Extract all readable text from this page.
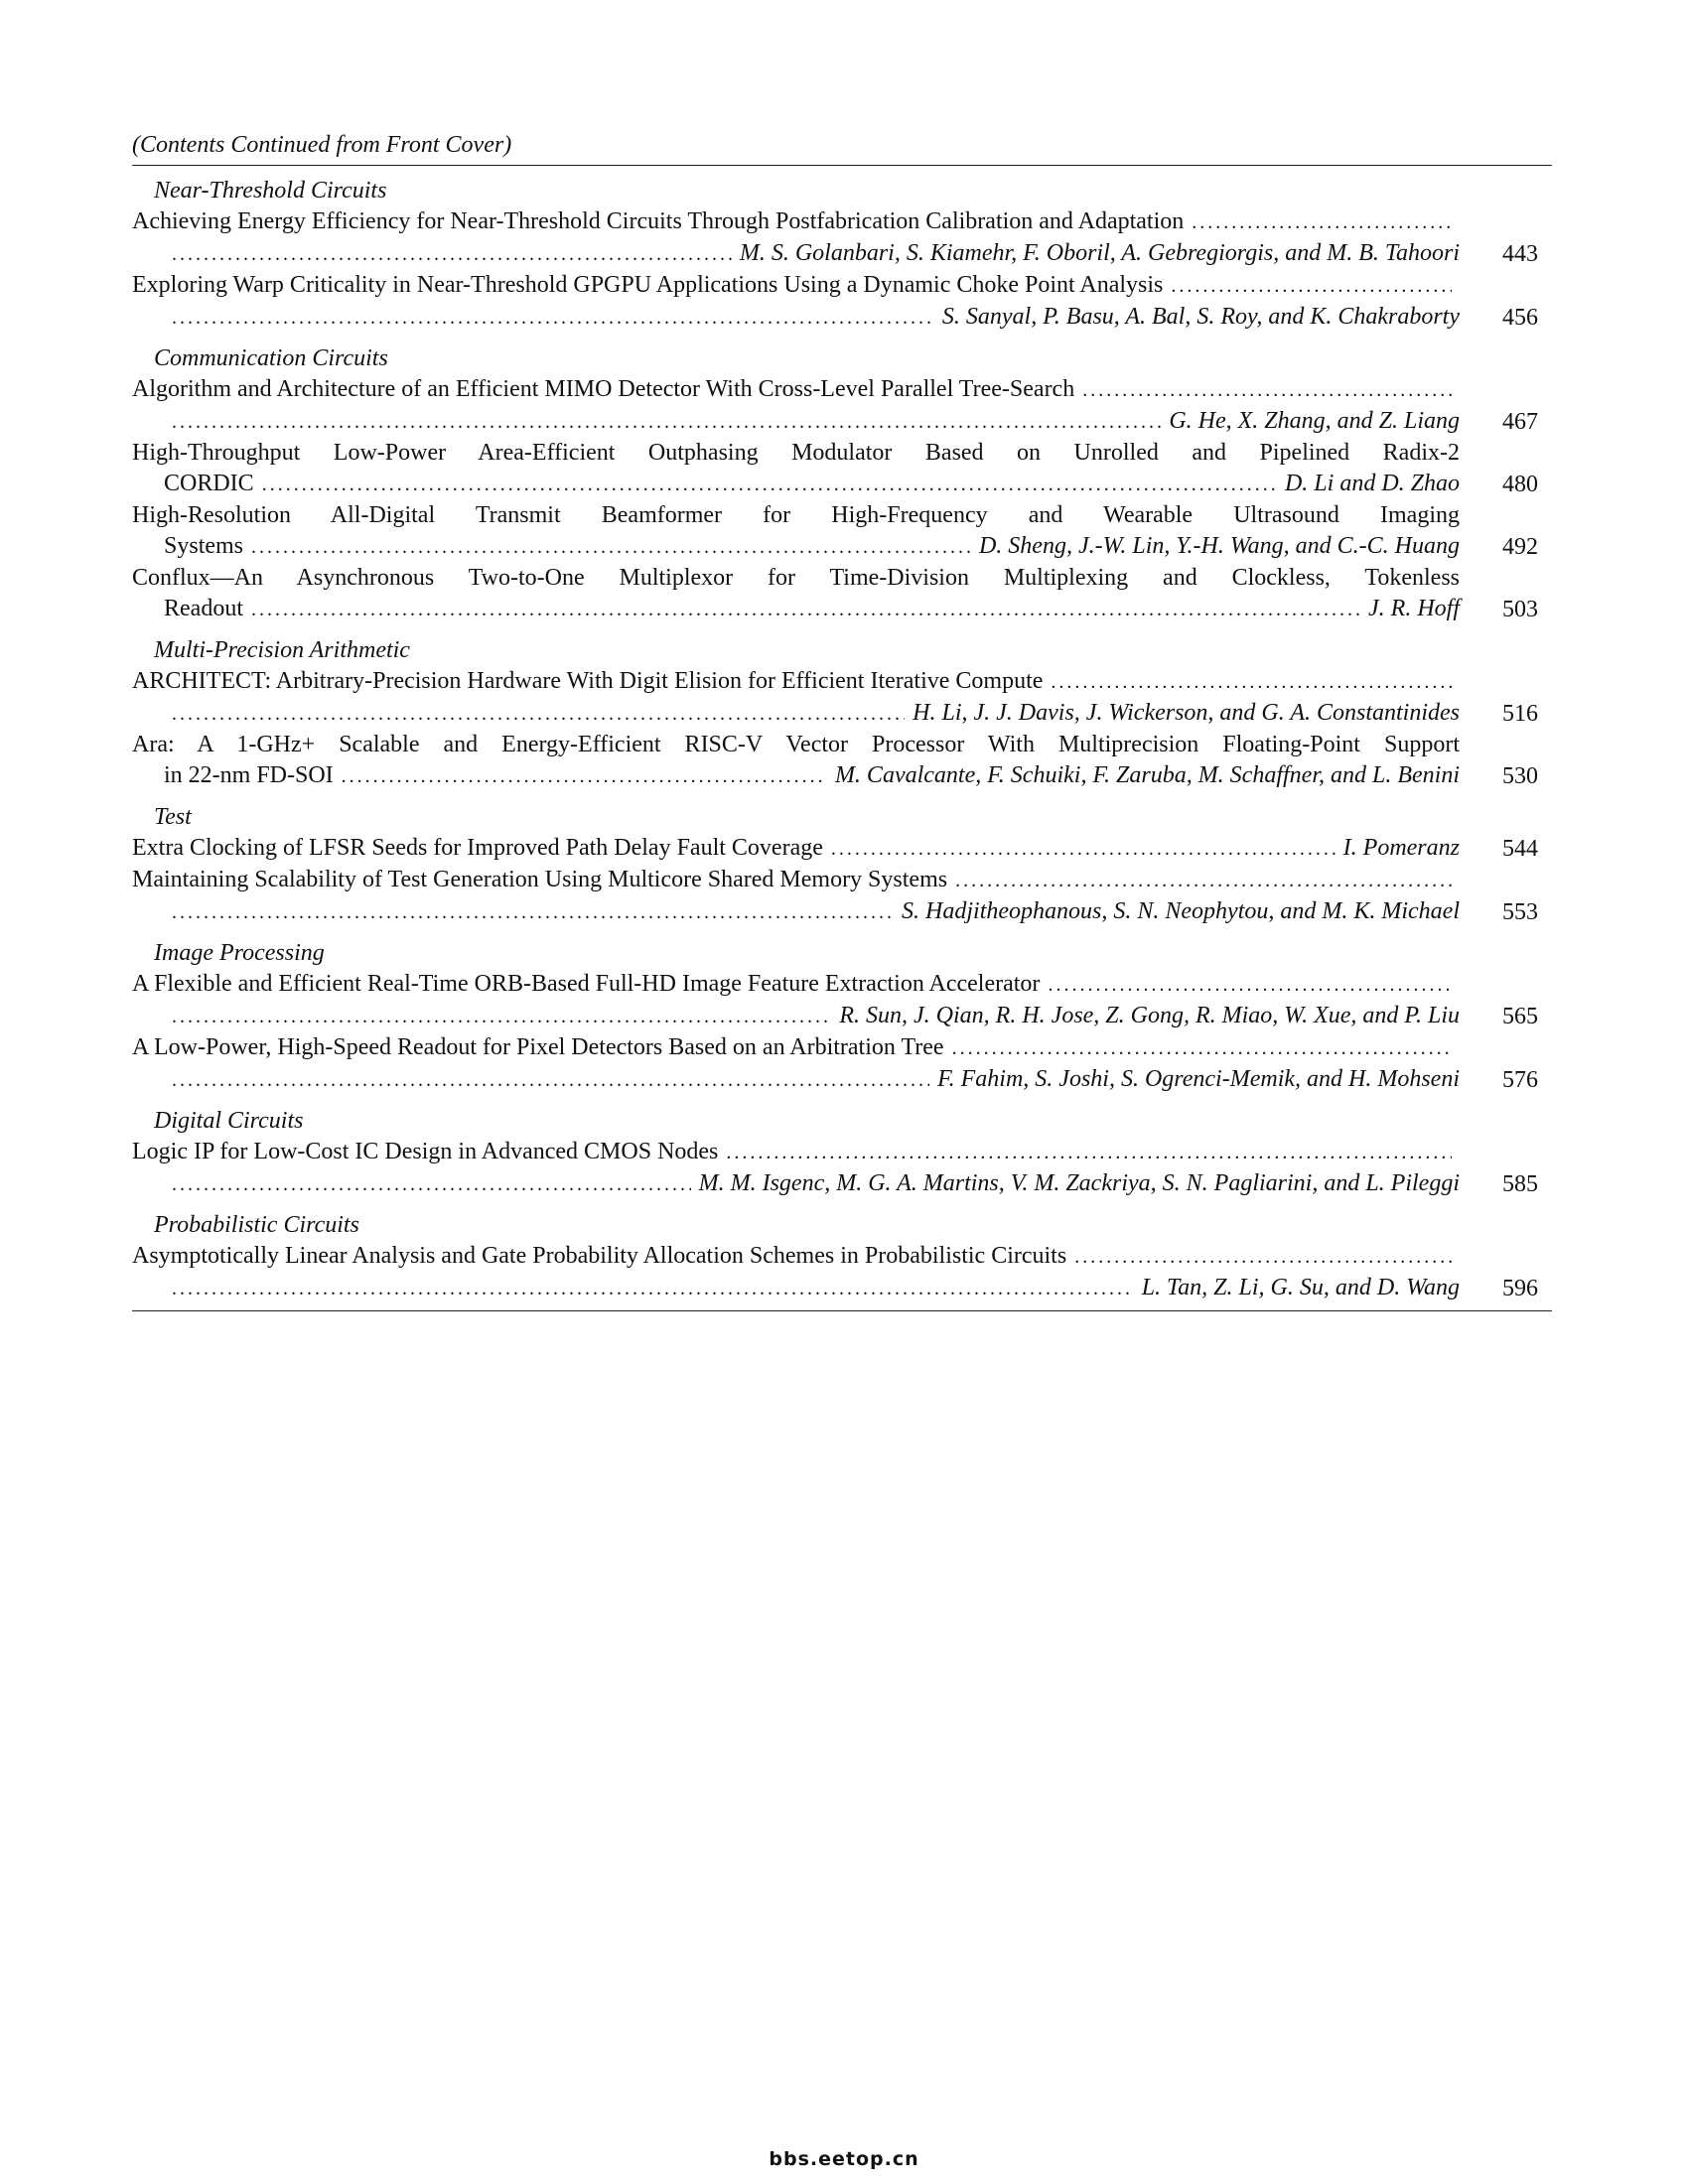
(Contents Continued from Front Cover)
Near-Threshold Circuits
Achieving Energy Efficiency for Near-Threshold Circuits Through Postfabrication Calibration and Adaptation
.....
.....
M. S. Golanbari, S. Kiamehr, F. Oboril, A. Gebregiorgis, and M. B. Tahoori	443
Exploring Warp Criticality in Near-Threshold GPGPU Applications Using a Dynamic Choke Point Analysis
.....
.....
S. Sanyal, P. Basu, A. Bal, S. Roy, and K. Chakraborty	456
Communication Circuits
Algorithm and Architecture of an Efficient MIMO Detector With Cross-Level Parallel Tree-Search
.....
.....
G. He, X. Zhang, and Z. Liang	467
High-Throughput Low-Power Area-Efficient Outphasing Modulator Based on Unrolled and Pipelined Radix-2
CORDIC .....	D. Li and D. Zhao	480
High-Resolution All-Digital Transmit Beamformer for High-Frequency and Wearable Ultrasound Imaging
Systems .....	D. Sheng, J.-W. Lin, Y.-H. Wang, and C.-C. Huang	492
Conflux—An Asynchronous Two-to-One Multiplexor for Time-Division Multiplexing and Clockless, Tokenless
Readout .....	J. R. Hoff	503
Multi-Precision Arithmetic
ARCHITECT: Arbitrary-Precision Hardware With Digit Elision for Efficient Iterative Compute
.....
.....
H. Li, J. J. Davis, J. Wickerson, and G. A. Constantinides	516
Ara: A 1-GHz+ Scalable and Energy-Efficient RISC-V Vector Processor With Multiprecision Floating-Point Support
in 22-nm FD-SOI .....	M. Cavalcante, F. Schuiki, F. Zaruba, M. Schaffner, and L. Benini	530
Test
Extra Clocking of LFSR Seeds for Improved Path Delay Fault Coverage .....	I. Pomeranz	544
Maintaining Scalability of Test Generation Using Multicore Shared Memory Systems
.....
.....
S. Hadjitheophanous, S. N. Neophytou, and M. K. Michael	553
Image Processing
A Flexible and Efficient Real-Time ORB-Based Full-HD Image Feature Extraction Accelerator
.....
.....
R. Sun, J. Qian, R. H. Jose, Z. Gong, R. Miao, W. Xue, and P. Liu	565
A Low-Power, High-Speed Readout for Pixel Detectors Based on an Arbitration Tree
.....
.....
F. Fahim, S. Joshi, S. Ogrenci-Memik, and H. Mohseni	576
Digital Circuits
Logic IP for Low-Cost IC Design in Advanced CMOS Nodes
.....
.....
M. M. Isgenc, M. G. A. Martins, V. M. Zackriya, S. N. Pagliarini, and L. Pileggi	585
Probabilistic Circuits
Asymptotically Linear Analysis and Gate Probability Allocation Schemes in Probabilistic Circuits
.....
.....
L. Tan, Z. Li, G. Su, and D. Wang	596
bbs.eetop.cn
